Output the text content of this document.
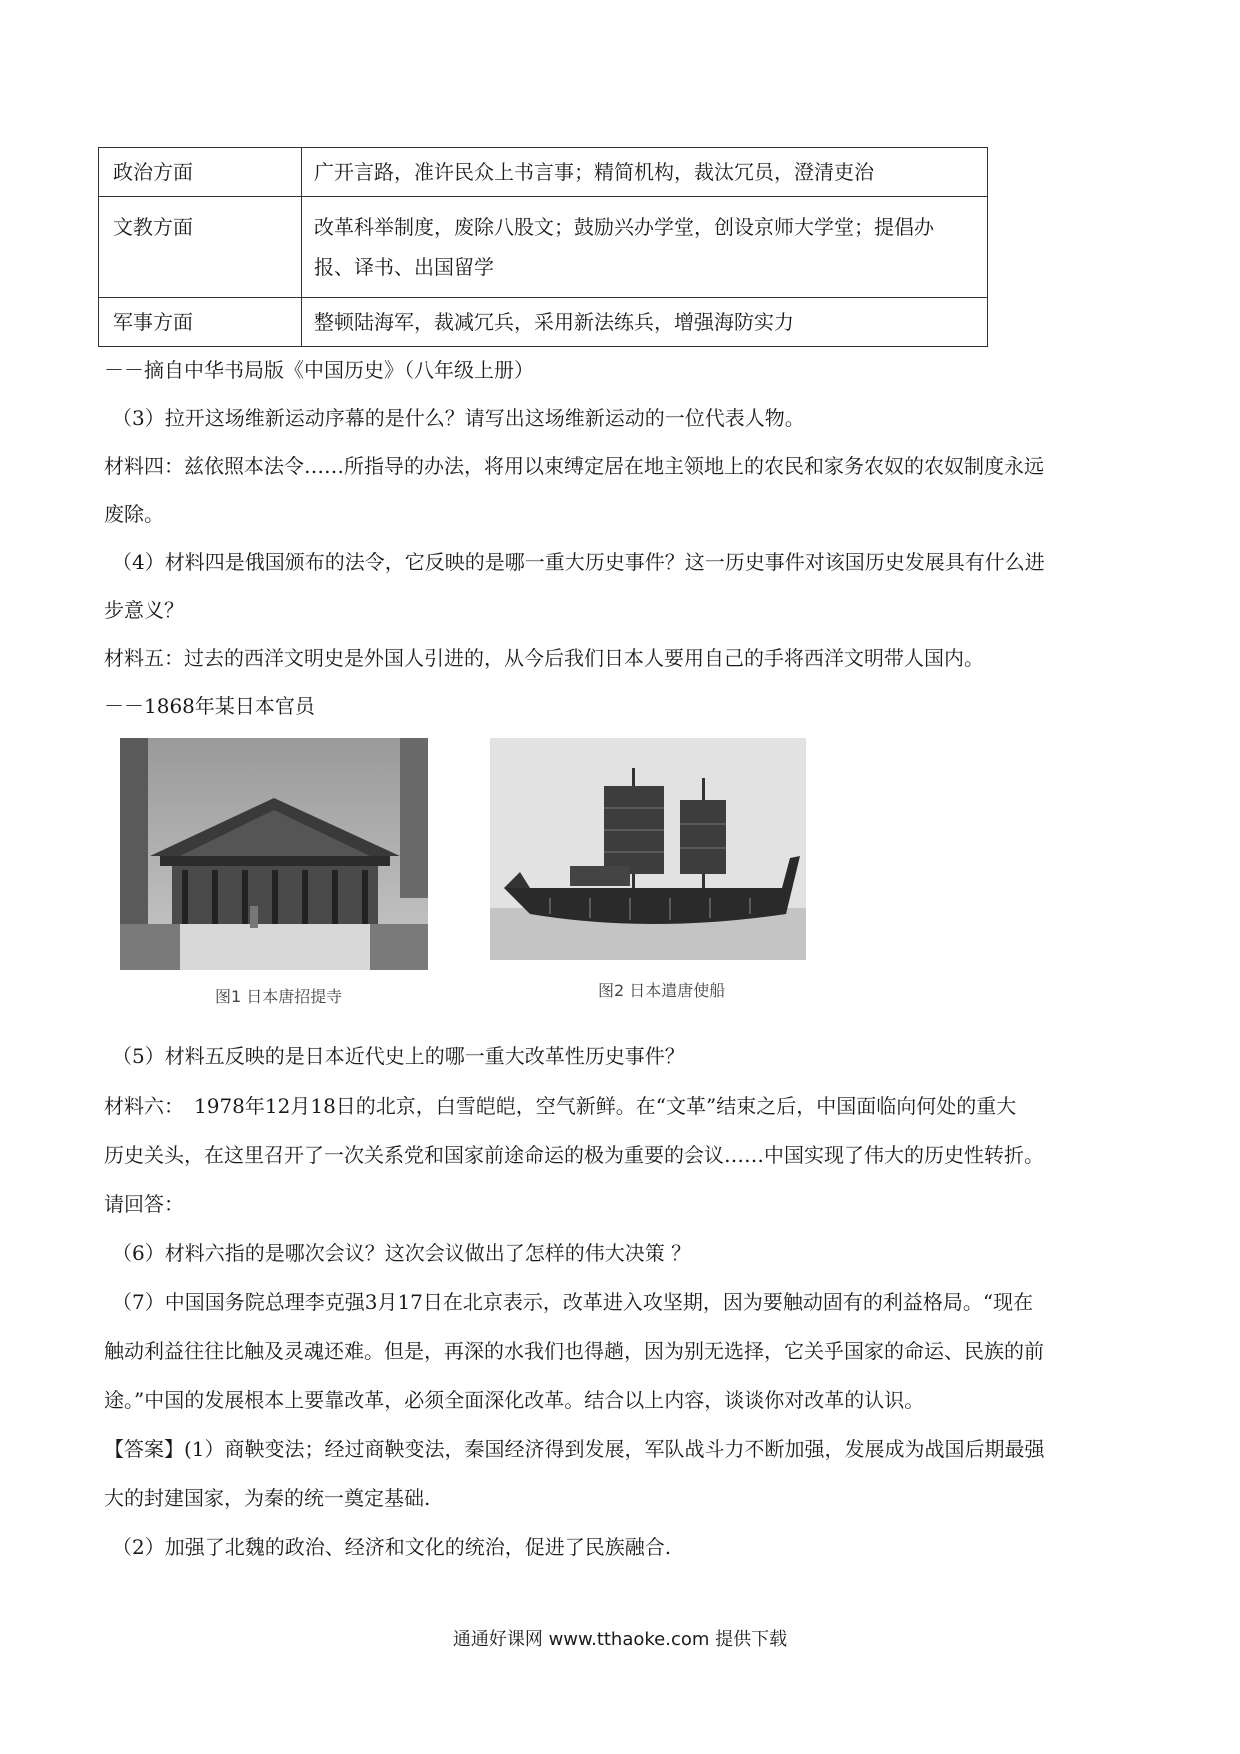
政治方面	广开言路，准许民众上书言事；精简机构，裁汰冗员，澄清吏治
文教方面	改革科举制度，废除八股文；鼓励兴办学堂，创设京师大学堂；提倡办
报、译书、出国留学

军事方面	整顿陆海军，裁减冗兵，采用新法练兵，增强海防实力
－－摘自中华书局版《中国历史》（八年级上册）
（3）拉开这场维新运动序幕的是什么？请写出这场维新运动的一位代表人物。
材料四：兹依照本法令……所指导的办法，将用以束缚定居在地主领地上的农民和家务农奴的农奴制度永远
废除。
（4）材料四是俄国颁布的法令，它反映的是哪一重大历史事件？这一历史事件对该国历史发展具有什么进
步意义？
材料五：过去的西洋文明史是外国人引进的，从今后我们日本人要用自己的手将西洋文明带人国内。
－－1868年某日本官员
图1 日本唐招提寺	图2 日本遣唐使船
（5）材料五反映的是日本近代史上的哪一重大改革性历史事件？
材料六：　1978年12月18日的北京，白雪皑皑，空气新鲜。在“文革”结束之后，中国面临向何处的重大
历史关头，在这里召开了一次关系党和国家前途命运的极为重要的会议……中国实现了伟大的历史性转折。
请回答：
（6）材料六指的是哪次会议？这次会议做出了怎样的伟大决策 ？
（7）中国国务院总理李克强3月17日在北京表示，改革进入攻坚期，因为要触动固有的利益格局。“现在
触动利益往往比触及灵魂还难。但是，再深的水我们也得趟，因为别无选择，它关乎国家的命运、民族的前
途。”中国的发展根本上要靠改革，必须全面深化改革。结合以上内容，谈谈你对改革的认识。
【答案】(1）商鞅变法；经过商鞅变法，秦国经济得到发展，军队战斗力不断加强，发展成为战国后期最强
大的封建国家，为秦的统一奠定基础.
（2）加强了北魏的政治、经济和文化的统治，促进了民族融合.
通通好课网 www.tthaoke.com 提供下载
